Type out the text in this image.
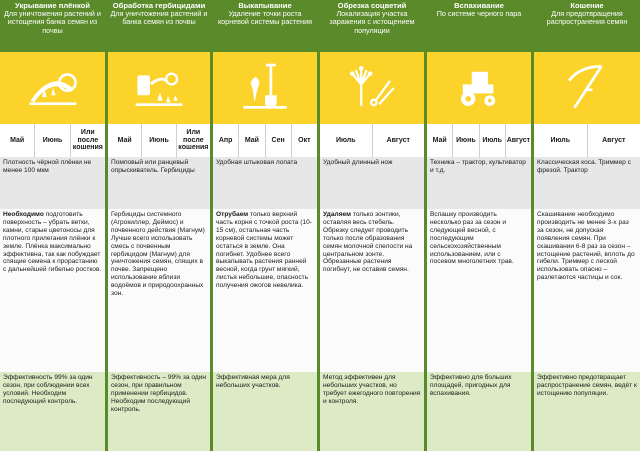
Укрывание плёнкой
Для уничтожения растений и истощения банка семян из почвы
Май	Июнь
Или после кошения
Плотность чёрной плёнки не менее 100 мкм
Необходимо подготовить поверхность – убрать ветки, камни, старые цветоносы для плотного прилегания плёнки к земле. Плёнка максимально эффективна, так как побуждает спящие семена к прорастанию с дальнейшей гибелью ростков.
Эффективность 99% за один сезон, при соблюдении всех условий. Необходим последующий контроль.
Обработка гербицидами
Для уничтожения растений и банка семян из почвы
Май	Июнь
Или после кошения
Помповый или ранцевый опрыскиватель. Гербициды
Гербициды системного (Агрокиллер, Деймос) и почвенного действия (Магнум) Лучше всего использовать смесь с почвенным гербицидом (Магнум) для уничтожения семян, спящих в почве. Запрещено использование вблизи водоёмов и природоохранных зон.
Эффективность – 99% за один сезон, при правильном применении гербицидов. Необходим последующий контроль.
Выкапывание
Удаление точки роста корневой системы растения
Апр	Май	Сен	Окт
Удобная штыковая лопата
Отрубаем только верхний часть корня с точкой роста (10-15 см), остальная часть корневой системы может остаться в земле. Она погибнет. Удобнее всего выкапывать растения ранней весной, когда грунт мягкий, листья небольшие, опасность получения ожогов невелика.
Эффективная мера для небольших участков.
Обрезка соцветий
Локализация участка заражения с истощением популяции
Июль	Август
Удобный длинный нож
Удаляем только зонтики, оставляя весь стебель. Обрезку следует проводить только после образования семян молочной спелости на центральном зонте. Обрезанные растения погибнут, не оставив семян.
Метод эффективен для небольших участков, но требует ежегодного повторения и контроля.
Вспахивание
По системе черного пара
Май	Июнь Июль Август
Техника – трактор, культиватор и т.д.
Вспашку производить несколько раз за сезон и следующей весной, с последующим сельскохозяйственным использованием, или с посевом многолетних трав.
Эффективно для больших площадей, пригодных для вспахивания.
Кошение
Для предотвращения распространения семян
Июль	Август
Классическая коса. Триммер с фрезой. Трактор
Скашивание необходимо производить не менее 3-х раз за сезон, не допуская появления семян. При скашивании 6-8 раз за сезон – истощение растений, вплоть до гибели. Триммер с леской использовать опасно – разлетаются частицы и сок.
Эффективно предотвращает распространение семян, ведёт к истощению популяции.
